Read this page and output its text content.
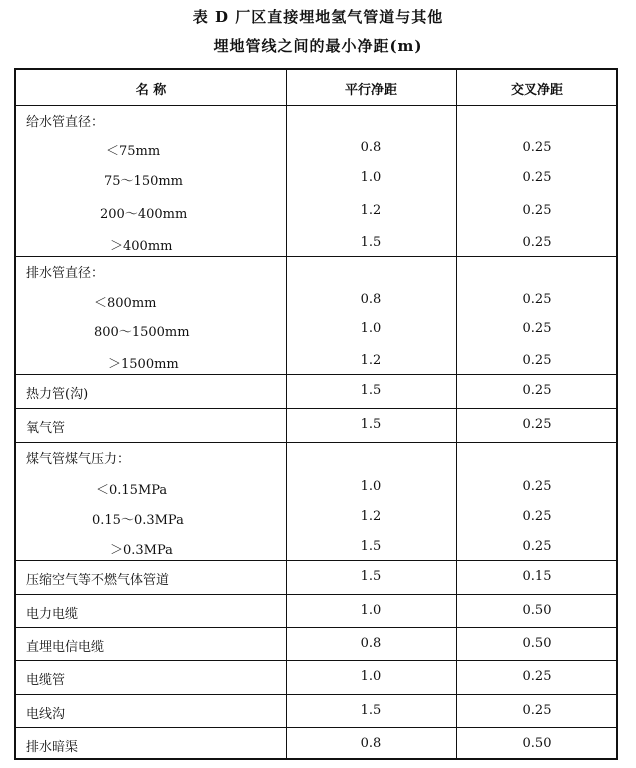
表 D 厂区直接埋地氢气管道与其他
埋地管线之间的最小净距(m)
名 称	平行净距	交叉净距
给水管直径：
＜75mm	0.8	0.25
75～150mm	1.0	0.25
200～400mm	1.2	0.25
＞400mm	1.5	0.25
排水管直径：
＜800mm	0.8	0.25
800～1500mm	1.0	0.25
＞1500mm	1.2	0.25
热力管(沟)	1.5	0.25
氧气管	1.5	0.25
煤气管煤气压力：
＜0.15MPa	1.0	0.25
0.15～0.3MPa	1.2	0.25
＞0.3MPa	1.5	0.25
压缩空气等不燃气体管道	1.5	0.15
电力电缆	1.0	0.50
直埋电信电缆	0.8	0.50
电缆管	1.0	0.25
电线沟	1.5	0.25
排水暗渠	0.8	0.50
